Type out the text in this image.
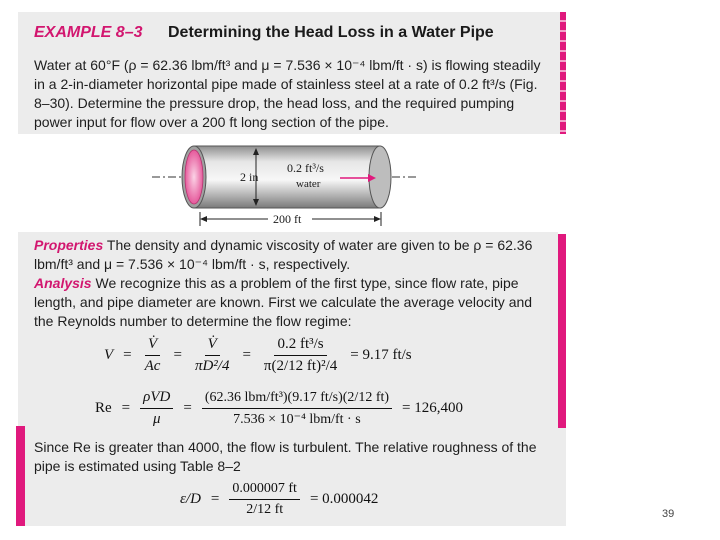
EXAMPLE 8–3 Determining the Head Loss in a Water Pipe
Water at 60°F (ρ = 62.36 lbm/ft³ and μ = 7.536 × 10⁻⁴ lbm/ft · s) is flowing steadily in a 2-in-diameter horizontal pipe made of stainless steel at a rate of 0.2 ft³/s (Fig. 8–30). Determine the pressure drop, the head loss, and the required pumping power input for flow over a 200 ft long section of the pipe.
2 in
0.2 ft³/s
water
200 ft
Properties The density and dynamic viscosity of water are given to be ρ = 62.36 lbm/ft³ and μ = 7.536 × 10⁻⁴ lbm/ft · s, respectively.
Analysis We recognize this as a problem of the first type, since flow rate, pipe length, and pipe diameter are known. First we calculate the average velocity and the Reynolds number to determine the flow regime:
$V = \frac{V̇}{Ac} = \frac{V̇}{\text{πD²/4}} = \frac{\text{0.2 ft³/s}}{\text{π(2/12 ft)²/4}} = 9.17$ ft/s
$Re = \frac{\text{ρVD}}{\mu} = \frac{\text{(62.36 lbm/ft³)(9.17 ft/s)(2/12 ft)}}{\text{7.536 × 10⁻⁴ lbm/ft · s}} = 126,400$
Since Re is greater than 4000, the flow is turbulent. The relative roughness of the pipe is estimated using Table 8–2
$\varepsilon/D = \frac{0.000007 ft}{2/12 ft} = 0.000042$
39
